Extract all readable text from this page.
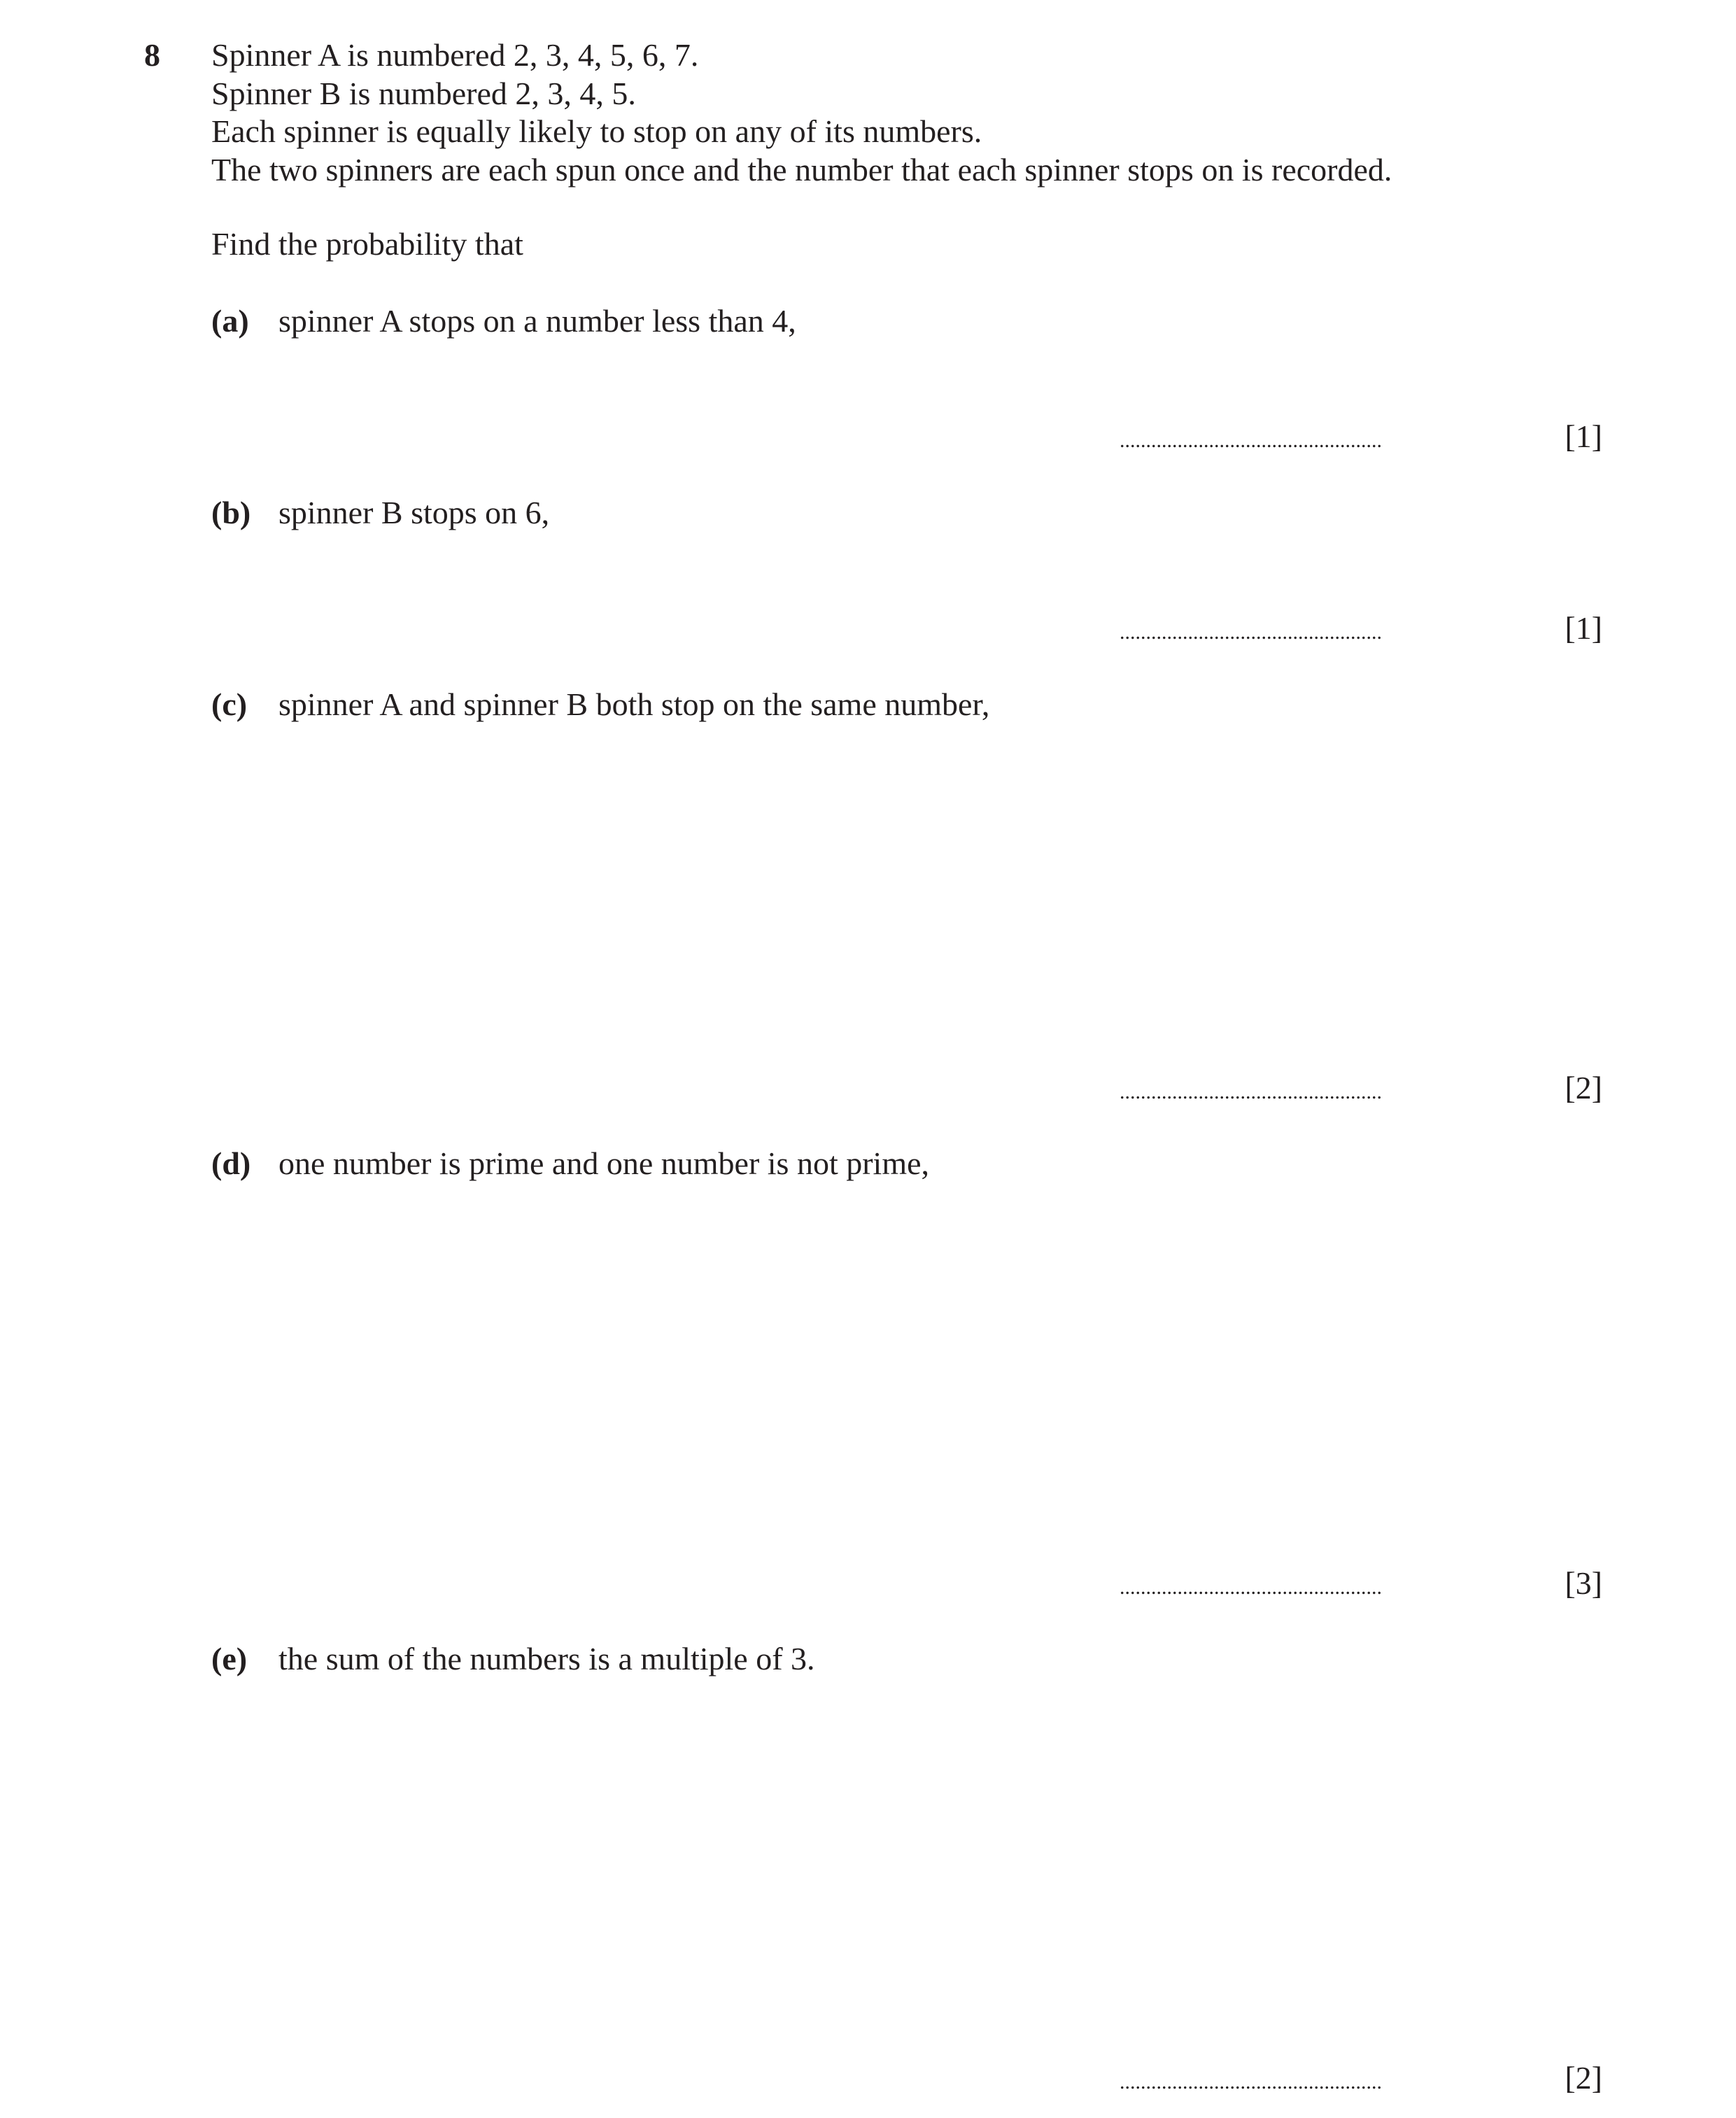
8 Spinner A is numbered 2, 3, 4, 5, 6, 7.
Spinner B is numbered 2, 3, 4, 5.
Each spinner is equally likely to stop on any of its numbers.
The two spinners are each spun once and the number that each spinner stops on is recorded.
Find the probability that
(a) spinner A stops on a number less than 4,
..................................................	[1]
(b) spinner B stops on 6,
..................................................	[1]
(c) spinner A and spinner B both stop on the same number,
..................................................	[2]
(d) one number is prime and one number is not prime,
..................................................	[3]
(e) the sum of the numbers is a multiple of 3.
..................................................	[2]
